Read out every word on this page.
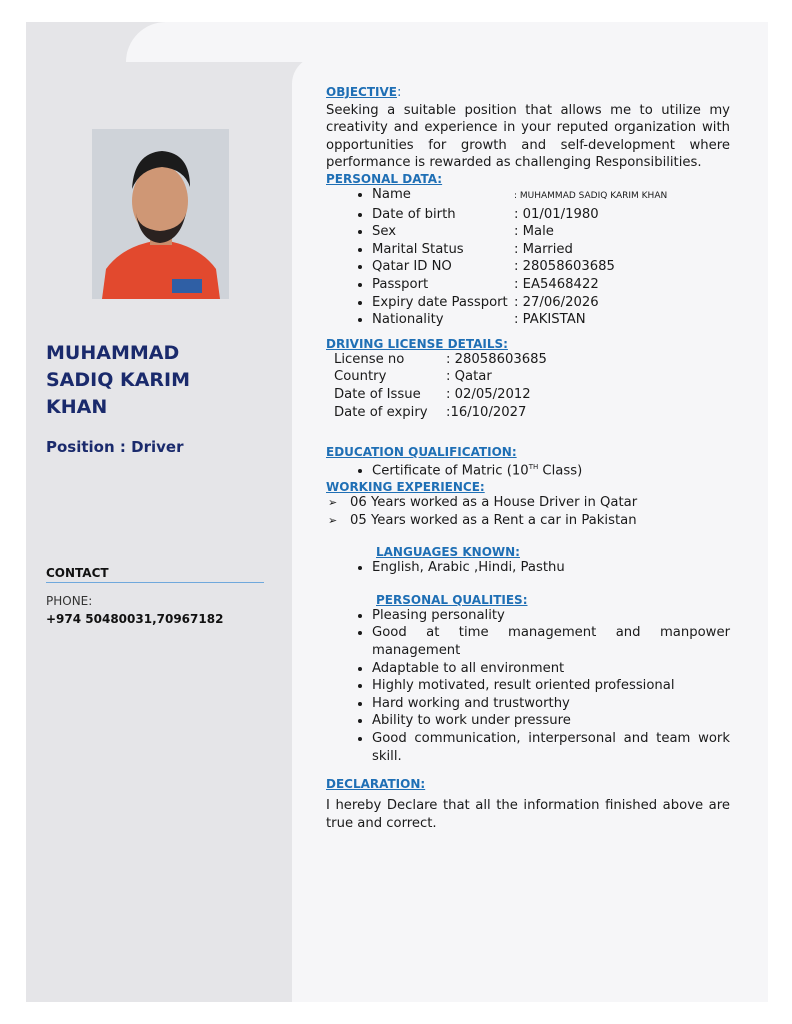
MUHAMMAD
SADIQ KARIM
KHAN
Position : Driver
CONTACT
PHONE:
+974 50480031,70967182
OBJECTIVE:
Seeking a suitable position that allows me to utilize my creativity and experience in your reputed organization with opportunities for growth and self-development where performance is rewarded as challenging Responsibilities.
PERSONAL DATA:
• Name	: MUHAMMAD SADIQ KARIM KHAN
• Date of birth	: 01/01/1980
• Sex	: Male
• Marital Status	: Married
• Qatar ID NO	: 28058603685
• Passport	: EA5468422
• Expiry date Passport : 27/06/2026
• Nationality	: PAKISTAN
DRIVING LICENSE DETAILS:
License no	: 28058603685
Country	: Qatar
Date of Issue : 02/05/2012
Date of expiry :16/10/2027
EDUCATION QUALIFICATION:
• Certificate of Matric (10TH Class)
WORKING EXPERIENCE:
➢ 06 Years worked as a House Driver in Qatar
➢ 05 Years worked as a Rent a car in Pakistan
LANGUAGES KNOWN:
• English, Arabic ,Hindi, Pasthu
PERSONAL QUALITIES:
• Pleasing personality
• Good at time management and manpower management
• Adaptable to all environment
• Highly motivated, result oriented professional
• Hard working and trustworthy
• Ability to work under pressure
• Good communication, interpersonal and team work skill.
DECLARATION:
I hereby Declare that all the information finished above are true and correct.
